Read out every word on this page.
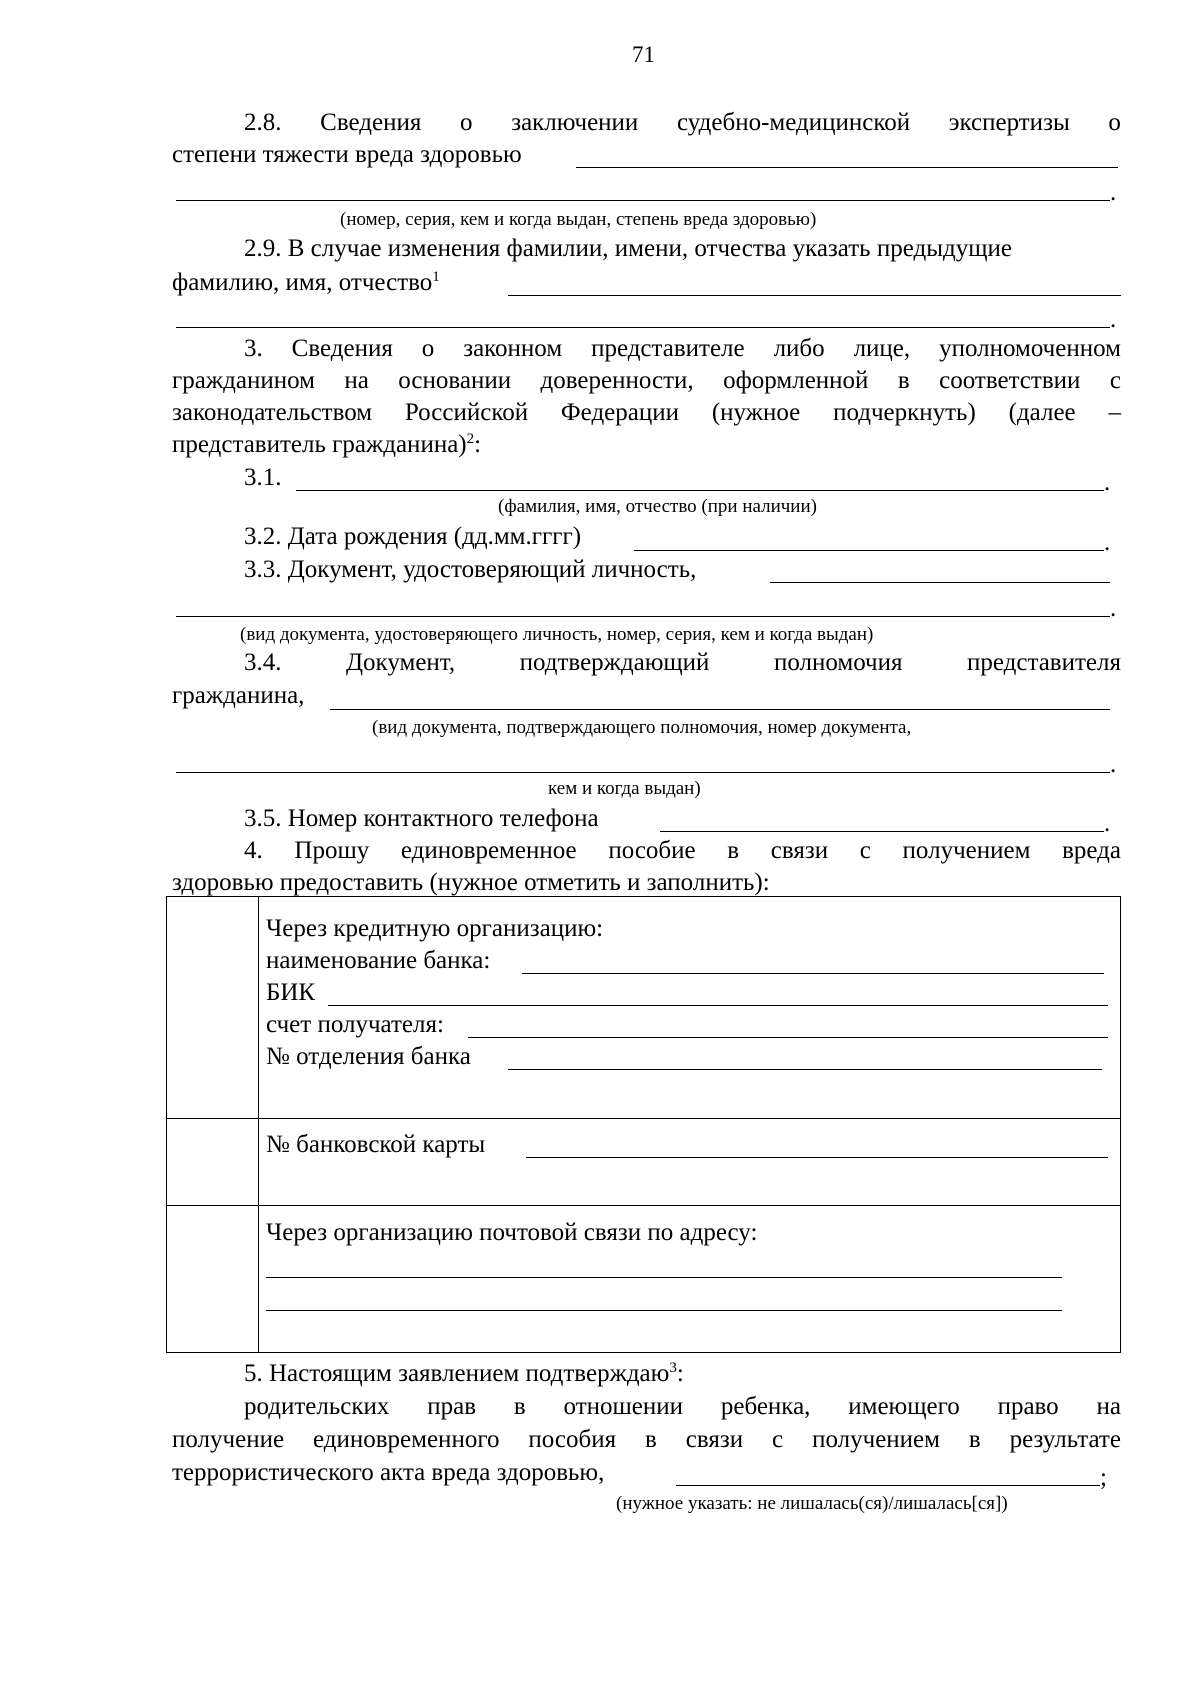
71
2.8. Сведения о заключении судебно-медицинской экспертизы о
степени тяжести вреда здоровью
.
(номер, серия, кем и когда выдан, степень вреда здоровью)
2.9. В случае изменения фамилии, имени, отчества указать предыдущие
фамилию, имя, отчество$^1$
.
3. Сведения о законном представителе либо лице, уполномоченном
гражданином на основании доверенности, оформленной в соответствии с
законодательством Российской Федерации (нужное подчеркнуть) (далее –
представитель гражданина)$^2$:
3.1.	.
(фамилия, имя, отчество (при наличии)
3.2. Дата рождения (дд.мм.гггг)	.
3.3. Документ, удостоверяющий личность,
.
(вид документа, удостоверяющего личность, номер, серия, кем и когда выдан)
3.4.	Документ,	подтверждающий	полномочия	представителя
гражданина,
(вид документа, подтверждающего полномочия, номер документа,
.
кем и когда выдан)
3.5. Номер контактного телефона	.
4. Прошу единовременное пособие в связи с получением вреда
здоровью предоставить (нужное отметить и заполнить):
Через кредитную организацию:
наименование банка:
БИК
счет получателя:
№ отделения банка
№ банковской карты
Через организацию почтовой связи по адресу:
5. Настоящим заявлением подтверждаю$^3$:
родительских прав в отношении ребенка, имеющего право на
получение единовременного пособия в связи с получением в результате
террористического акта вреда здоровью,	;
(нужное указать: не лишалась(ся)/лишалась[ся])
